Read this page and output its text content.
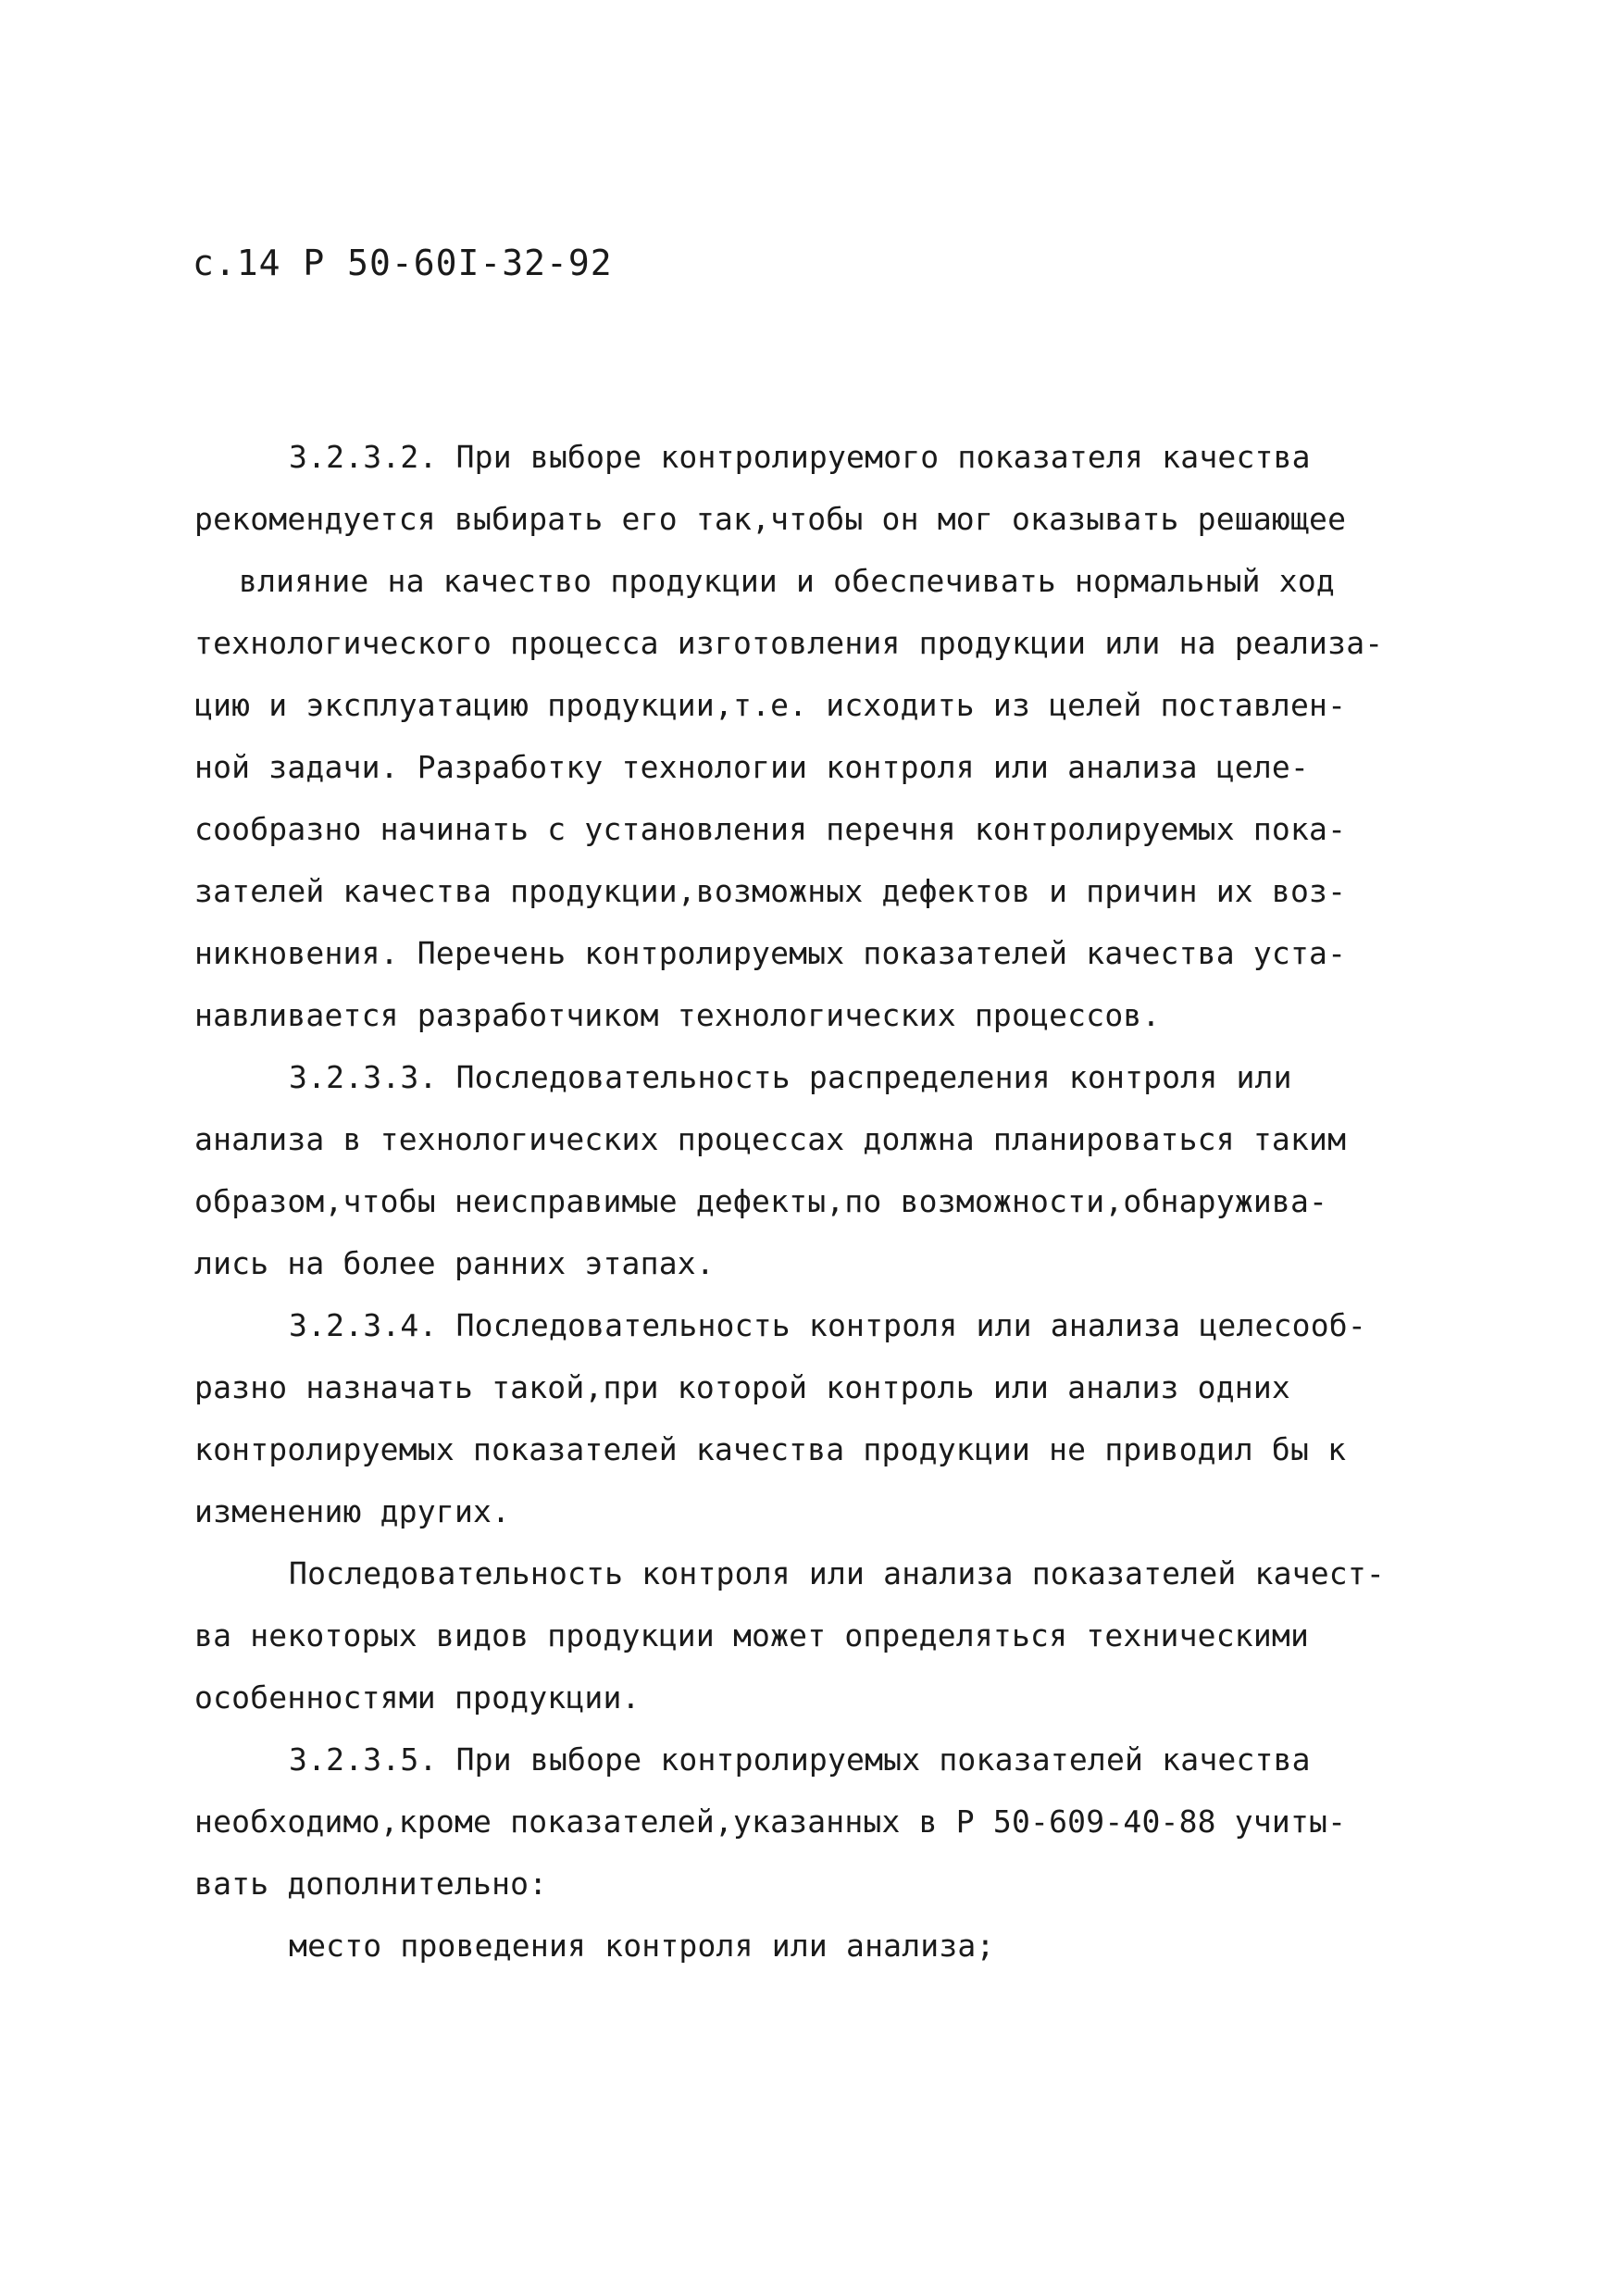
с.14 Р 50-60I-32-92
3.2.3.2. При выборе контролируемого показателя качества
рекомендуется выбирать его так,чтобы он мог оказывать решающее
влияние на качество продукции и обеспечивать нормальный ход
технологического процесса изготовления продукции или на реализа-
цию и эксплуатацию продукции,т.е. исходить из целей поставлен-
ной задачи. Разработку технологии контроля или анализа целе-
сообразно начинать с установления перечня контролируемых пока-
зателей качества продукции,возможных дефектов и причин их воз-
никновения. Перечень контролируемых показателей качества уста-
навливается разработчиком технологических процессов.
3.2.3.3. Последовательность распределения контроля или
анализа в технологических процессах должна планироваться таким
образом,чтобы неисправимые дефекты,по возможности,обнаружива-
лись на более ранних этапах.
3.2.3.4. Последовательность контроля или анализа целесооб-
разно назначать такой,при которой контроль или анализ одних
контролируемых показателей качества продукции не приводил бы к
изменению других.
Последовательность контроля или анализа показателей качест-
ва некоторых видов продукции может определяться техническими
особенностями продукции.
3.2.3.5. При выборе контролируемых показателей качества
необходимо,кроме показателей,указанных в Р 50-609-40-88 учиты-
вать дополнительно:
место проведения контроля или анализа;
